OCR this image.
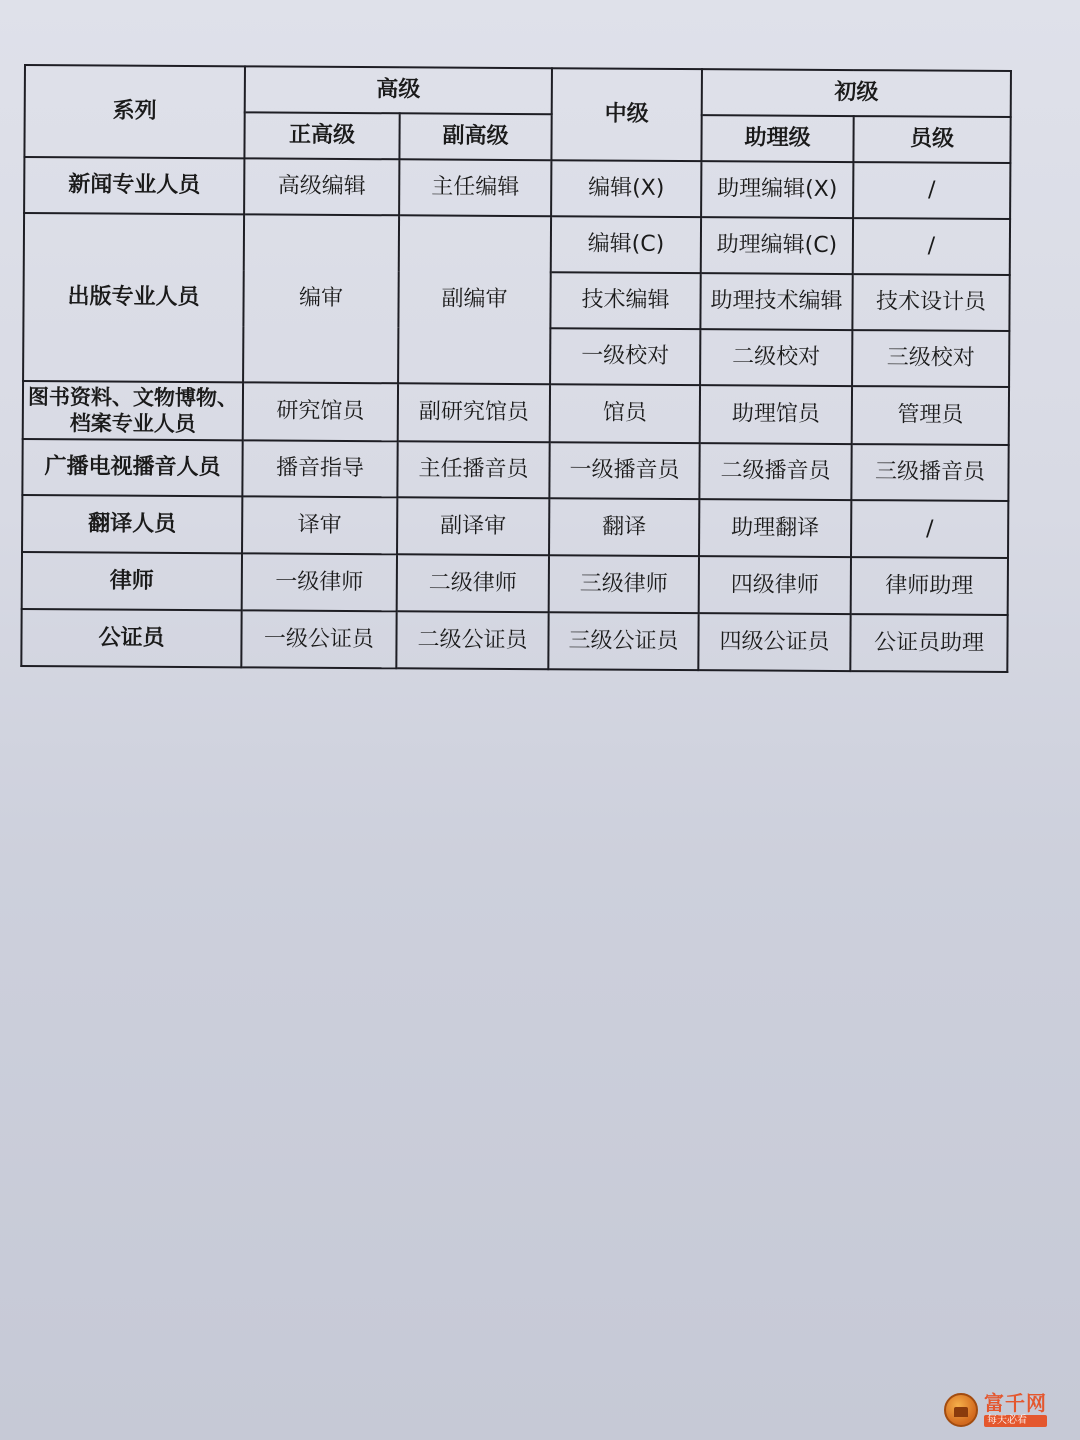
系列	高级		中级	初级	
	正高级	副高级		助理级	员级
新闻专业人员	高级编辑	主任编辑	编辑(X)	助理编辑(X)	/
出版专业人员	编审	副编审	编辑(C)	助理编辑(C)	/
			技术编辑	助理技术编辑	技术设计员
			一级校对	二级校对	三级校对
图书资料、文物博物、档案专业人员	研究馆员	副研究馆员	馆员	助理馆员	管理员
广播电视播音人员	播音指导	主任播音员	一级播音员	二级播音员	三级播音员
翻译人员	译审	副译审	翻译	助理翻译	/
律师	一级律师	二级律师	三级律师	四级律师	律师助理
公证员	一级公证员	二级公证员	三级公证员	四级公证员	公证员助理
富千网
每天必看
